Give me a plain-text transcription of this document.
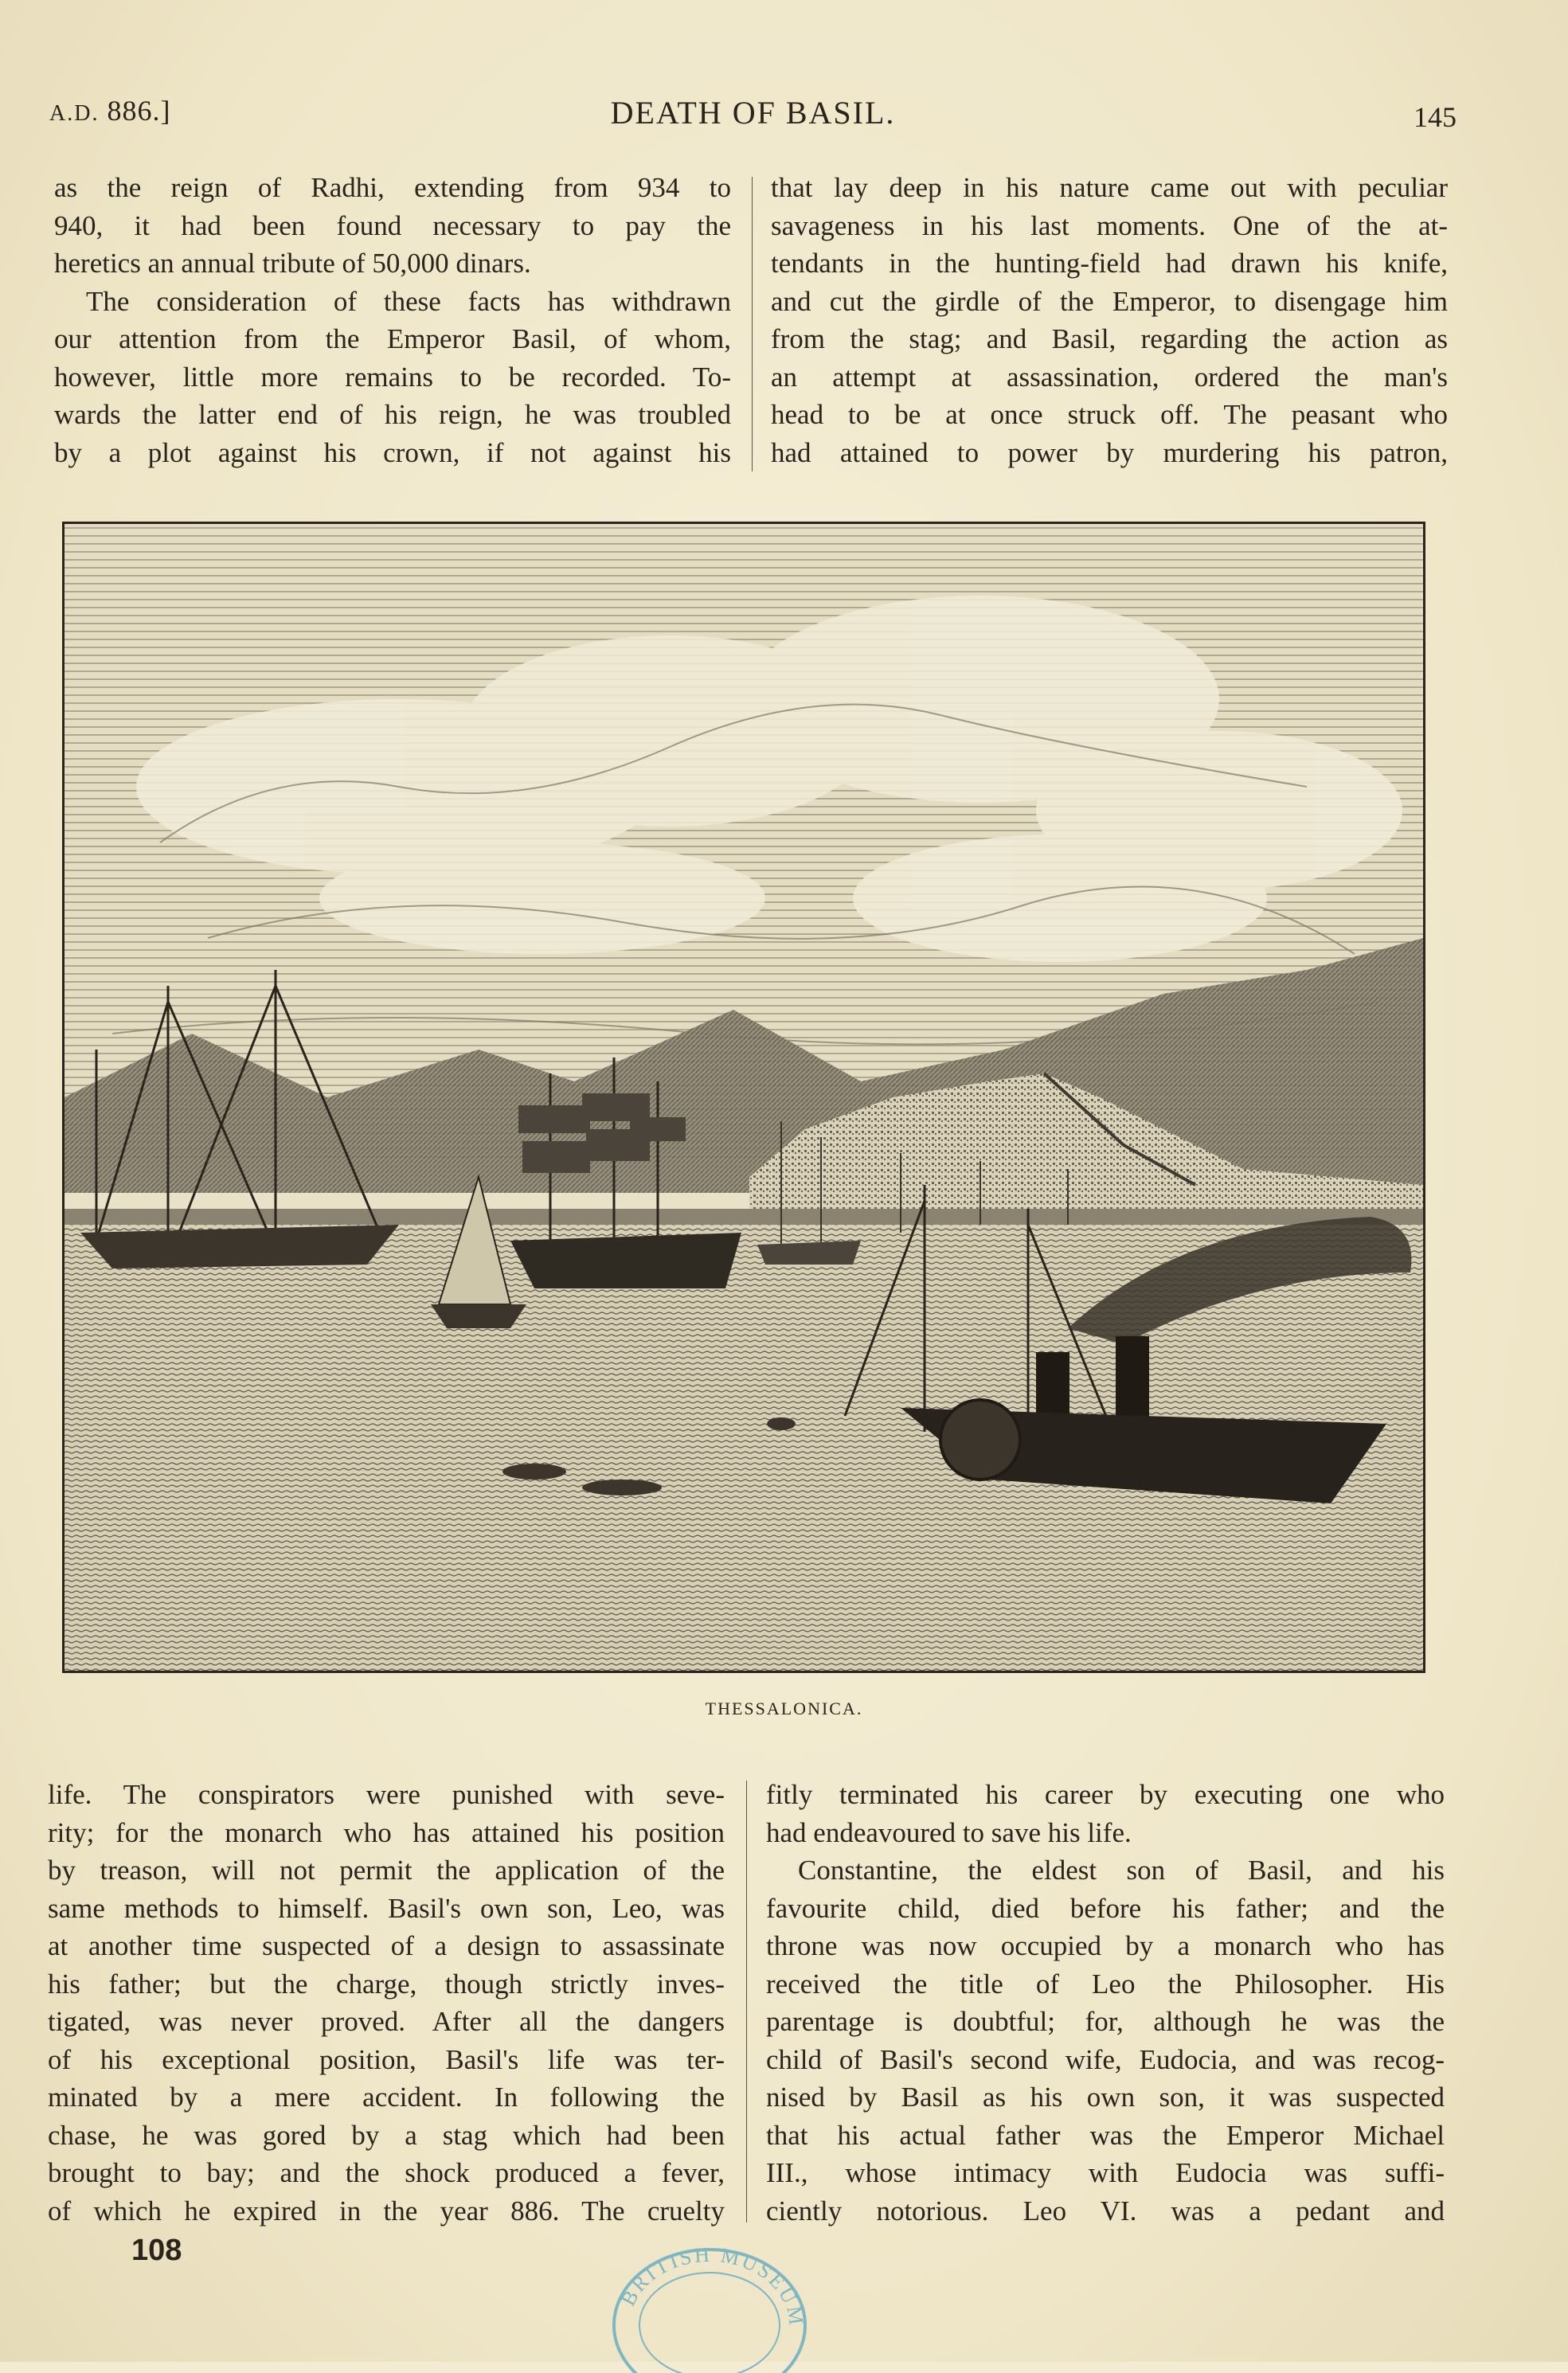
A.D. 886.]	DEATH OF BASIL.	145
as the reign of Radhi, extending from 934 to
940, it had been found necessary to pay the
heretics an annual tribute of 50,000 dinars.
The consideration of these facts has withdrawn
our attention from the Emperor Basil, of whom,
however, little more remains to be recorded. To-
wards the latter end of his reign, he was troubled
by a plot against his crown, if not against his
that lay deep in his nature came out with peculiar
savageness in his last moments. One of the at-
tendants in the hunting-field had drawn his knife,
and cut the girdle of the Emperor, to disengage him
from the stag; and Basil, regarding the action as
an attempt at assassination, ordered the man's
head to be at once struck off. The peasant who
had attained to power by murdering his patron,
THESSALONICA.
life. The conspirators were punished with seve-
rity; for the monarch who has attained his position
by treason, will not permit the application of the
same methods to himself. Basil's own son, Leo, was
at another time suspected of a design to assassinate
his father; but the charge, though strictly inves-
tigated, was never proved. After all the dangers
of his exceptional position, Basil's life was ter-
minated by a mere accident. In following the
chase, he was gored by a stag which had been
brought to bay; and the shock produced a fever,
of which he expired in the year 886. The cruelty
fitly terminated his career by executing one who
had endeavoured to save his life.
Constantine, the eldest son of Basil, and his
favourite child, died before his father; and the
throne was now occupied by a monarch who has
received the title of Leo the Philosopher. His
parentage is doubtful; for, although he was the
child of Basil's second wife, Eudocia, and was recog-
nised by Basil as his own son, it was suspected
that his actual father was the Emperor Michael
III., whose intimacy with Eudocia was suffi-
ciently notorious. Leo VI. was a pedant and
108
BRITISH MUSEUM
